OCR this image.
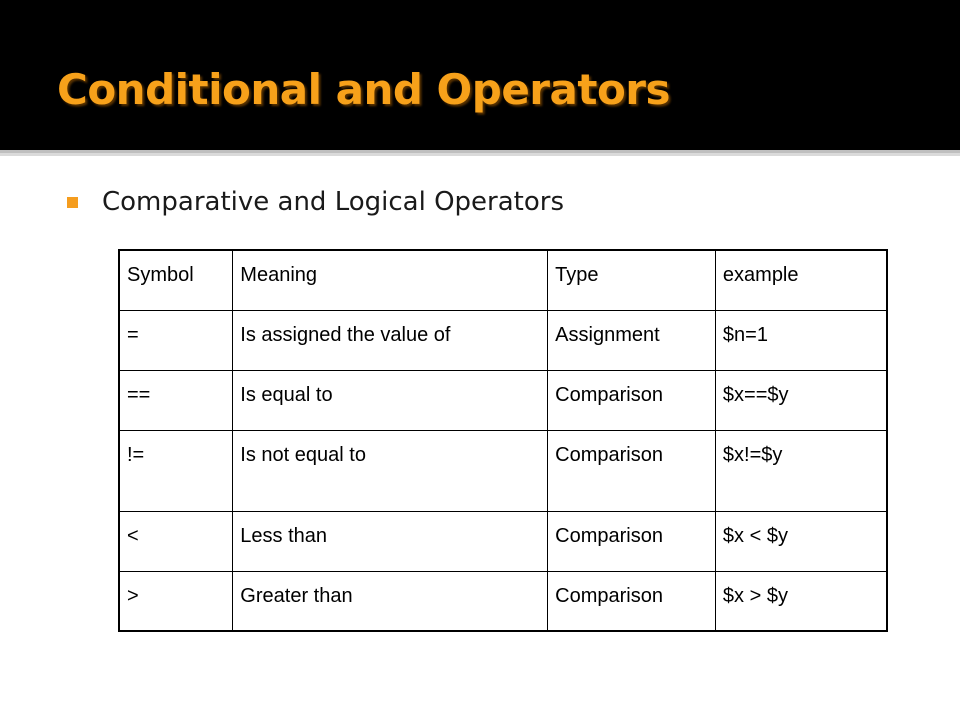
Conditional and Operators
Comparative and Logical Operators
Symbol	Meaning	Type	example
=	Is assigned the value of	Assignment	$n=1
==	Is equal to	Comparison	$x==$y
!=	Is not equal to	Comparison	$x!=$y
<	Less than	Comparison	$x < $y
>	Greater than	Comparison	$x > $y
